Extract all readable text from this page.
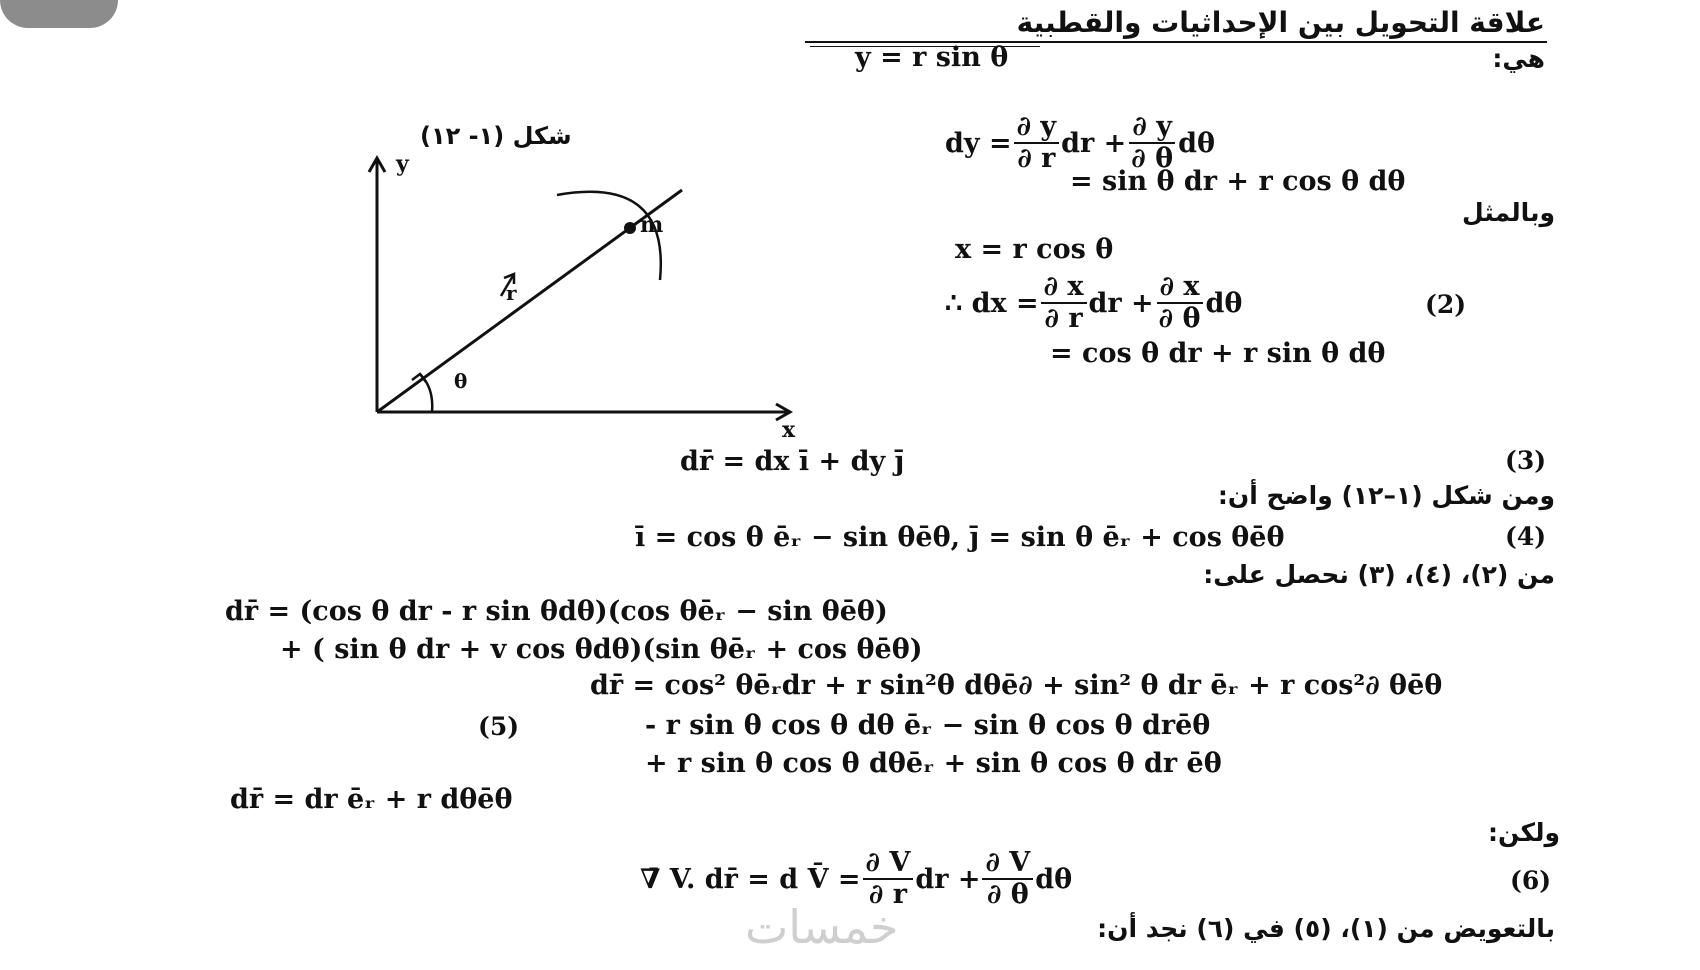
علاقة التحويل بين الإحداثيات والقطبية
هي:
y = r sin θ
شكل (١- ١٢)
y
x
m
r
θ
dy = $\frac{\partial y}{\partial r}$ dr + $\frac{\partial y}{\partial \theta}$ dθ
= sin θ dr + r cos θ dθ
وبالمثل
x = r cos θ
∴ dx = $\frac{\partial x}{\partial r}$ dr + $\frac{\partial x}{\partial \theta}$ dθ	(2)
= cos θ dr + r sin θ dθ
dr̄ = dx ī + dy j̄	(3)
ومن شكل (١–١٢) واضح أن:
ī = cos θ ēᵣ − sin θēθ, j̄ = sin θ ēᵣ + cos θēθ	(4)
من (٢)، (٤)، (٣) نحصل على:
dr̄ = (cos θ dr - r sin θdθ)(cos θēᵣ − sin θēθ)
+ ( sin θ dr + v cos θdθ)(sin θēᵣ + cos θēθ)
dr̄ = cos² θēᵣdr + r sin²θ dθē∂ + sin² θ dr ēᵣ + r cos²∂ θēθ
(5)	- r sin θ cos θ dθ ēᵣ − sin θ cos θ drēθ
+ r sin θ cos θ dθēᵣ + sin θ cos θ dr ēθ
dr̄ = dr ēᵣ + r dθēθ
ولكن:
∇̄ V. dr̄ = d V̄ = $\frac{\partial V}{\partial r}$ dr + $\frac{\partial V}{\partial \theta}$ dθ	(6)
بالتعويض من (١)، (٥) في (٦) نجد أن:
خمسات
